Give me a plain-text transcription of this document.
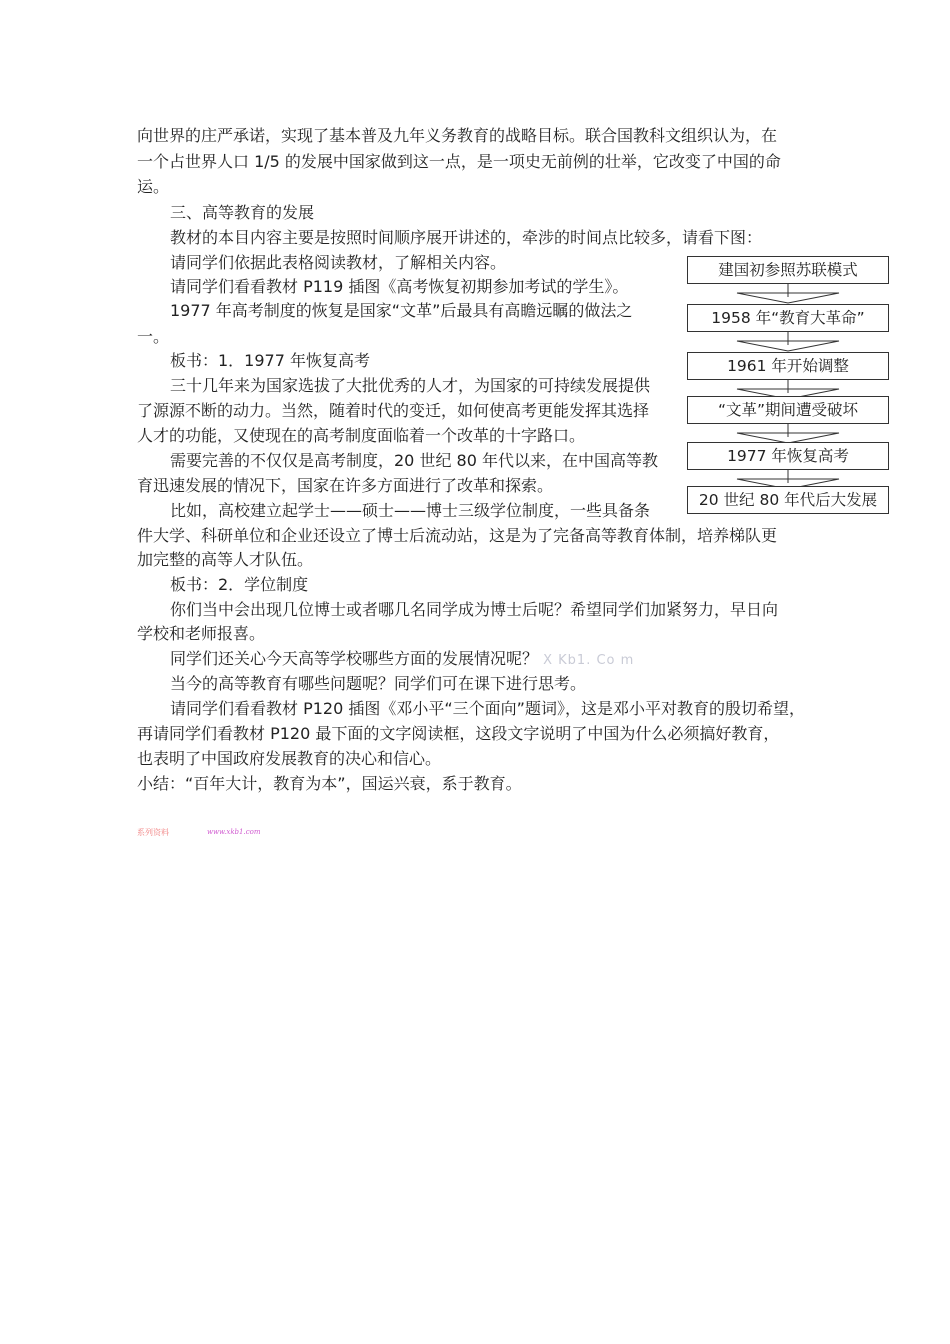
向世界的庄严承诺，实现了基本普及九年义务教育的战略目标。联合国教科文组织认为，在
一个占世界人口 1/5 的发展中国家做到这一点，是一项史无前例的壮举，它改变了中国的命
运。
三、高等教育的发展
教材的本目内容主要是按照时间顺序展开讲述的，牵涉的时间点比较多，请看下图：
请同学们依据此表格阅读教材，了解相关内容。
请同学们看看教材 P119 插图《高考恢复初期参加考试的学生》。
1977 年高考制度的恢复是国家“文革”后最具有高瞻远瞩的做法之
一。
板书：1．1977 年恢复高考
三十几年来为国家选拔了大批优秀的人才，为国家的可持续发展提供
了源源不断的动力。当然，随着时代的变迁，如何使高考更能发挥其选择
人才的功能，又使现在的高考制度面临着一个改革的十字路口。
需要完善的不仅仅是高考制度，20 世纪 80 年代以来，在中国高等教
育迅速发展的情况下，国家在许多方面进行了改革和探索。
比如，高校建立起学士——硕士——博士三级学位制度，一些具备条
件大学、科研单位和企业还设立了博士后流动站，这是为了完备高等教育体制，培养梯队更
加完整的高等人才队伍。
板书：2．学位制度
你们当中会出现几位博士或者哪几名同学成为博士后呢？希望同学们加紧努力，早日向
学校和老师报喜。
同学们还关心今天高等学校哪些方面的发展情况呢？ X Kb1. Co m
当今的高等教育有哪些问题呢？同学们可在课下进行思考。
请同学们看看教材 P120 插图《邓小平“三个面向”题词》，这是邓小平对教育的殷切希望，
再请同学们看教材 P120 最下面的文字阅读框，这段文字说明了中国为什么必须搞好教育，
也表明了中国政府发展教育的决心和信心。
小结：“百年大计，教育为本”，国运兴衰，系于教育。
建国初参照苏联模式
1958 年“教育大革命”
1961 年开始调整
“文革”期间遭受破坏
1977 年恢复高考
20 世纪 80 年代后大发展
系列资料	www.xkb1.com
